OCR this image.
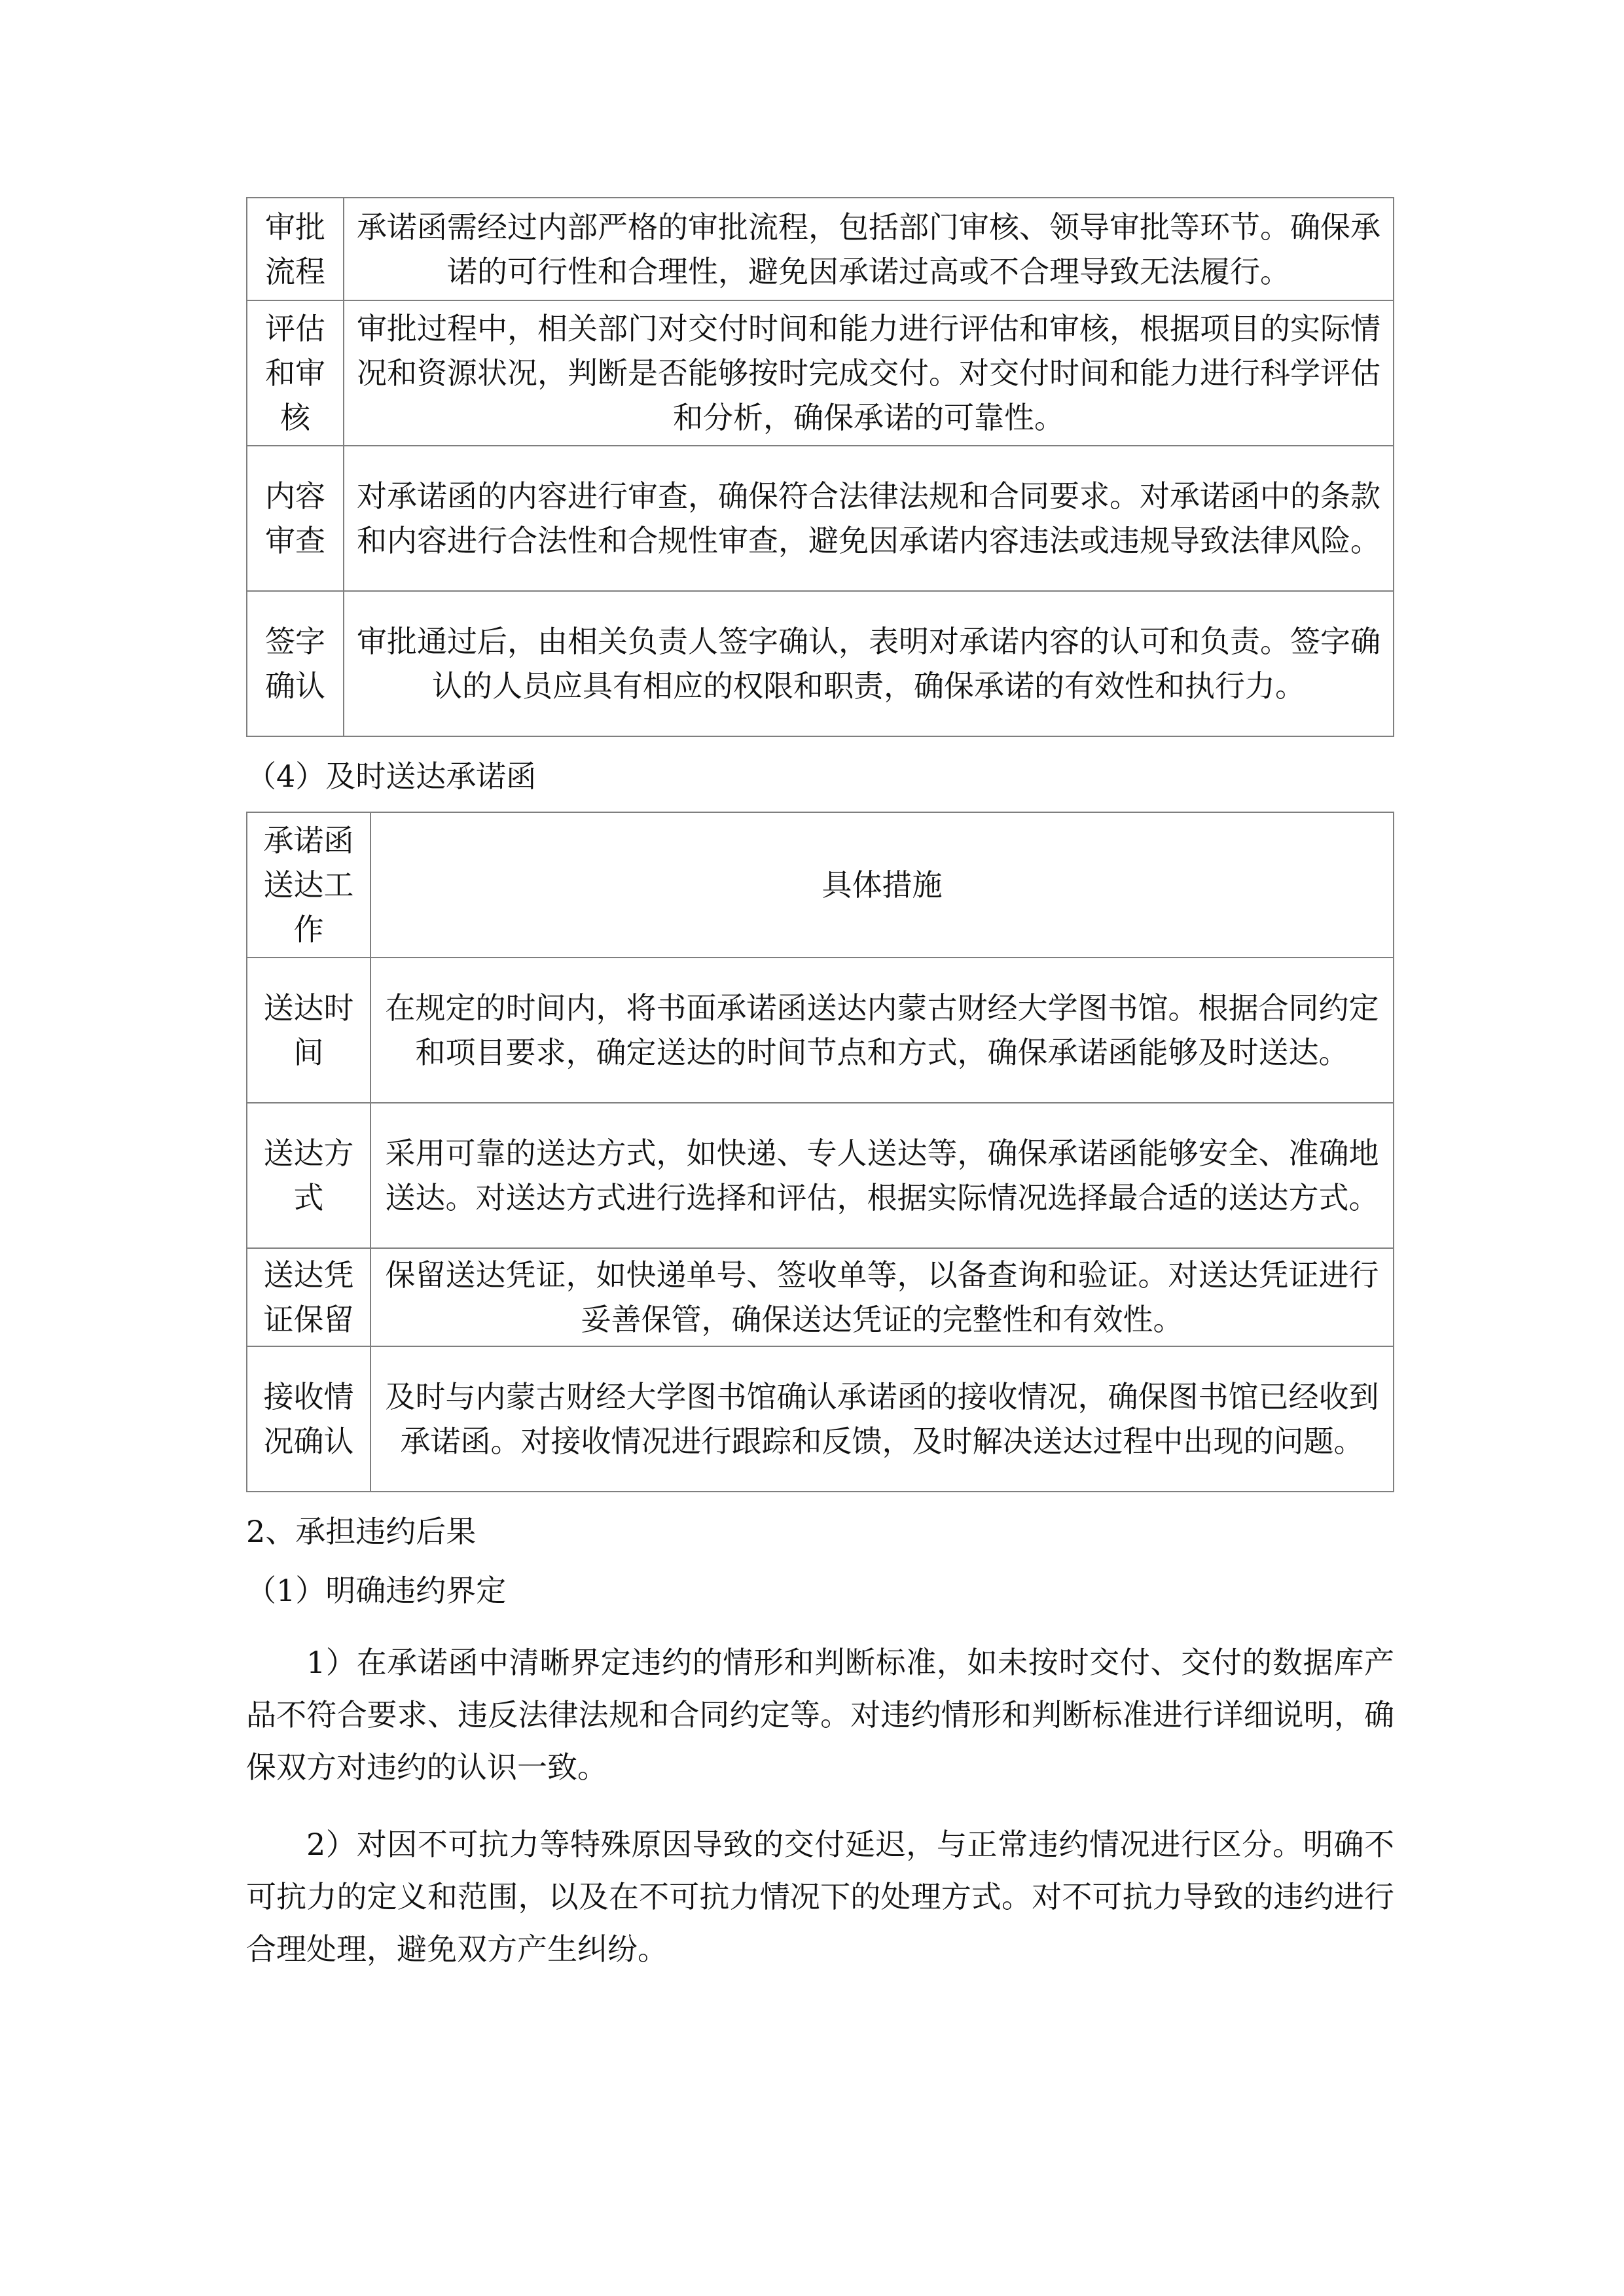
审批流程	承诺函需经过内部严格的审批流程，包括部门审核、领导审批等环节。确保承诺的可行性和合理性，避免因承诺过高或不合理导致无法履行。
评估和审核	审批过程中，相关部门对交付时间和能力进行评估和审核，根据项目的实际情况和资源状况，判断是否能够按时完成交付。对交付时间和能力进行科学评估和分析，确保承诺的可靠性。
内容审查	对承诺函的内容进行审查，确保符合法律法规和合同要求。对承诺函中的条款和内容进行合法性和合规性审查，避免因承诺内容违法或违规导致法律风险。
签字确认	审批通过后，由相关负责人签字确认，表明对承诺内容的认可和负责。签字确认的人员应具有相应的权限和职责，确保承诺的有效性和执行力。

（4）及时送达承诺函

承诺函送达工作	具体措施
送达时间	在规定的时间内，将书面承诺函送达内蒙古财经大学图书馆。根据合同约定和项目要求，确定送达的时间节点和方式，确保承诺函能够及时送达。
送达方式	采用可靠的送达方式，如快递、专人送达等，确保承诺函能够安全、准确地送达。对送达方式进行选择和评估，根据实际情况选择最合适的送达方式。
送达凭证保留	保留送达凭证，如快递单号、签收单等，以备查询和验证。对送达凭证进行妥善保管，确保送达凭证的完整性和有效性。
接收情况确认	及时与内蒙古财经大学图书馆确认承诺函的接收情况，确保图书馆已经收到承诺函。对接收情况进行跟踪和反馈，及时解决送达过程中出现的问题。

2、承担违约后果

（1）明确违约界定

1）在承诺函中清晰界定违约的情形和判断标准，如未按时交付、交付的数据库产品不符合要求、违反法律法规和合同约定等。对违约情形和判断标准进行详细说明，确保双方对违约的认识一致。

2）对因不可抗力等特殊原因导致的交付延迟，与正常违约情况进行区分。明确不可抗力的定义和范围，以及在不可抗力情况下的处理方式。对不可抗力导致的违约进行合理处理，避免双方产生纠纷。
